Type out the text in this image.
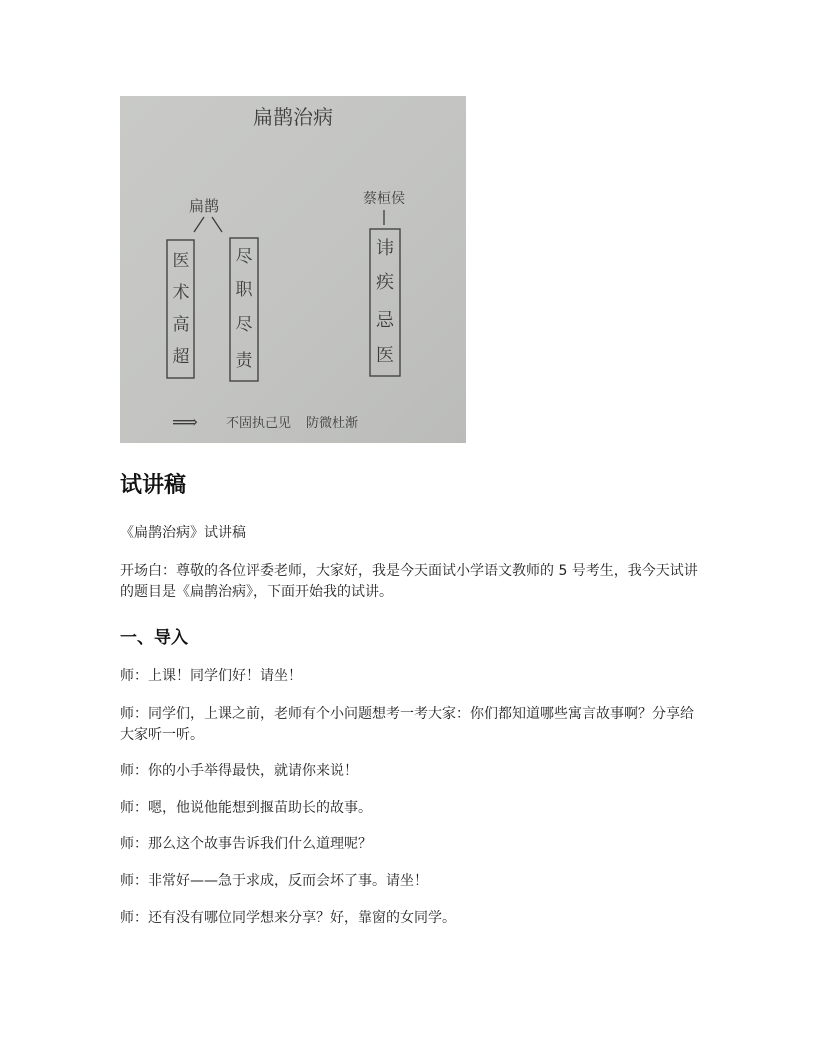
扁鹊治病
扁鹊
医
术
高
超
尽
职
尽
责
蔡桓侯
讳
疾
忌
医
⟹ 不固执己见 防微杜渐
试讲稿

《扁鹊治病》试讲稿

开场白：尊敬的各位评委老师，大家好，我是今天面试小学语文教师的 5 号考生，我今天试讲的题目是《扁鹊治病》，下面开始我的试讲。

一、导入

师：上课！同学们好！请坐！

师：同学们，上课之前，老师有个小问题想考一考大家：你们都知道哪些寓言故事啊？分享给大家听一听。

师：你的小手举得最快，就请你来说！

师：嗯，他说他能想到揠苗助长的故事。

师：那么这个故事告诉我们什么道理呢？

师：非常好——急于求成，反而会坏了事。请坐！

师：还有没有哪位同学想来分享？好，靠窗的女同学。
